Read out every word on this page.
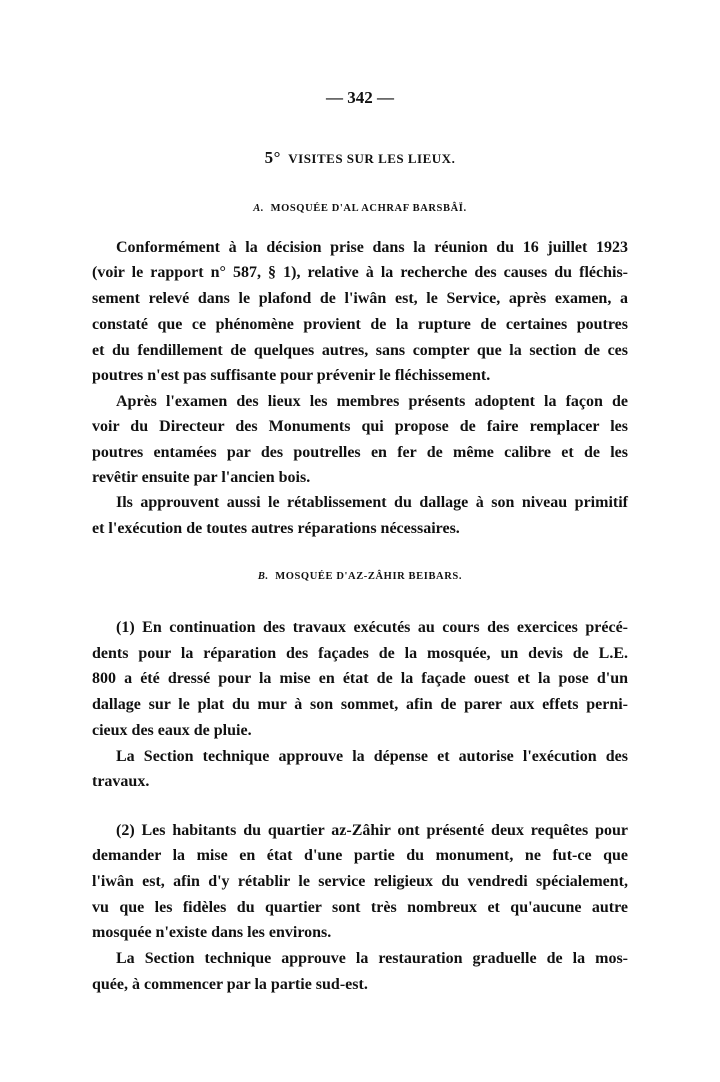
— 342 —
5° VISITES SUR LES LIEUX.
A. MOSQUÉE D'AL ACHRAF BARSBÂÏ.
B. MOSQUÉE D'AZ-ZÂHIR BEIBARS.
Conformément à la décision prise dans la réunion du 16 juillet 1923
(voir le rapport n° 587, § 1), relative à la recherche des causes du fléchis-
sement relevé dans le plafond de l'iwân est, le Service, après examen, a
constaté que ce phénomène provient de la rupture de certaines poutres
et du fendillement de quelques autres, sans compter que la section de ces
poutres n'est pas suffisante pour prévenir le fléchissement.
Après l'examen des lieux les membres présents adoptent la façon de
voir du Directeur des Monuments qui propose de faire remplacer les
poutres entamées par des poutrelles en fer de même calibre et de les
revêtir ensuite par l'ancien bois.
Ils approuvent aussi le rétablissement du dallage à son niveau primitif
et l'exécution de toutes autres réparations nécessaires.
(1) En continuation des travaux exécutés au cours des exercices précé-
dents pour la réparation des façades de la mosquée, un devis de L.E.
800 a été dressé pour la mise en état de la façade ouest et la pose d'un
dallage sur le plat du mur à son sommet, afin de parer aux effets perni-
cieux des eaux de pluie.
La Section technique approuve la dépense et autorise l'exécution des
travaux.
(2) Les habitants du quartier az-Zâhir ont présenté deux requêtes pour
demander la mise en état d'une partie du monument, ne fut-ce que
l'iwân est, afin d'y rétablir le service religieux du vendredi spécialement,
vu que les fidèles du quartier sont très nombreux et qu'aucune autre
mosquée n'existe dans les environs.
La Section technique approuve la restauration graduelle de la mos-
quée, à commencer par la partie sud-est.
